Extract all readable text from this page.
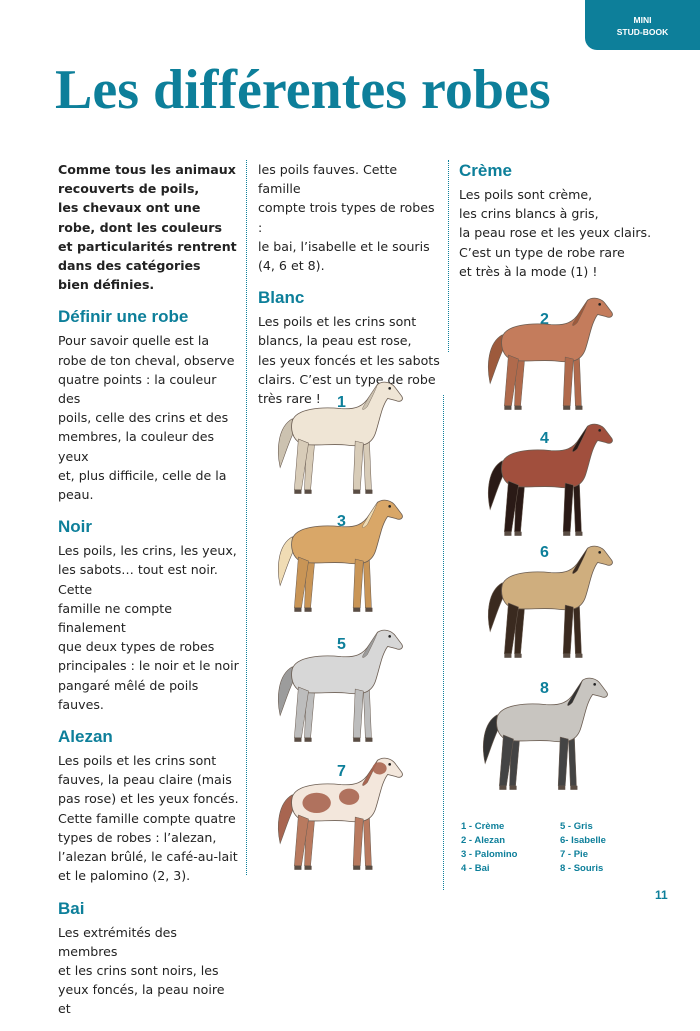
MINI
STUD-BOOK
Les différentes robes
Comme tous les animaux
recouverts de poils,
les chevaux ont une
robe, dont les couleurs
et particularités rentrent
dans des catégories
bien définies.
Définir une robe

Pour savoir quelle est la
robe de ton cheval, observe
quatre points : la couleur des
poils, celle des crins et des
membres, la couleur des yeux
et, plus difficile, celle de la
peau.

Noir

Les poils, les crins, les yeux,
les sabots… tout est noir. Cette
famille ne compte finalement
que deux types de robes
principales : le noir et le noir
pangaré mêlé de poils fauves.

Alezan

Les poils et les crins sont
fauves, la peau claire (mais
pas rose) et les yeux foncés.
Cette famille compte quatre
types de robes : l’alezan,
l’alezan brûlé, le café-au-lait
et le palomino (2, 3).

Bai

Les extrémités des membres
et les crins sont noirs, les
yeux foncés, la peau noire et

les poils fauves. Cette famille
compte trois types de robes :
le bai, l’isabelle et le souris
(4, 6 et 8).

Blanc

Les poils et les crins sont
blancs, la peau est rose,
les yeux foncés et les sabots
clairs. C’est un type de robe
très rare !

Crème

Les poils sont crème,
les crins blancs à gris,
la peau rose et les yeux clairs.
C’est un type de robe rare
et très à la mode (1) !

1
2
3
4
5
6
7
8
1 - Crème
2 - Alezan
3 - Palomino
4 - Bai
5 - Gris
6- Isabelle
7 - Pie
8 - Souris
11
